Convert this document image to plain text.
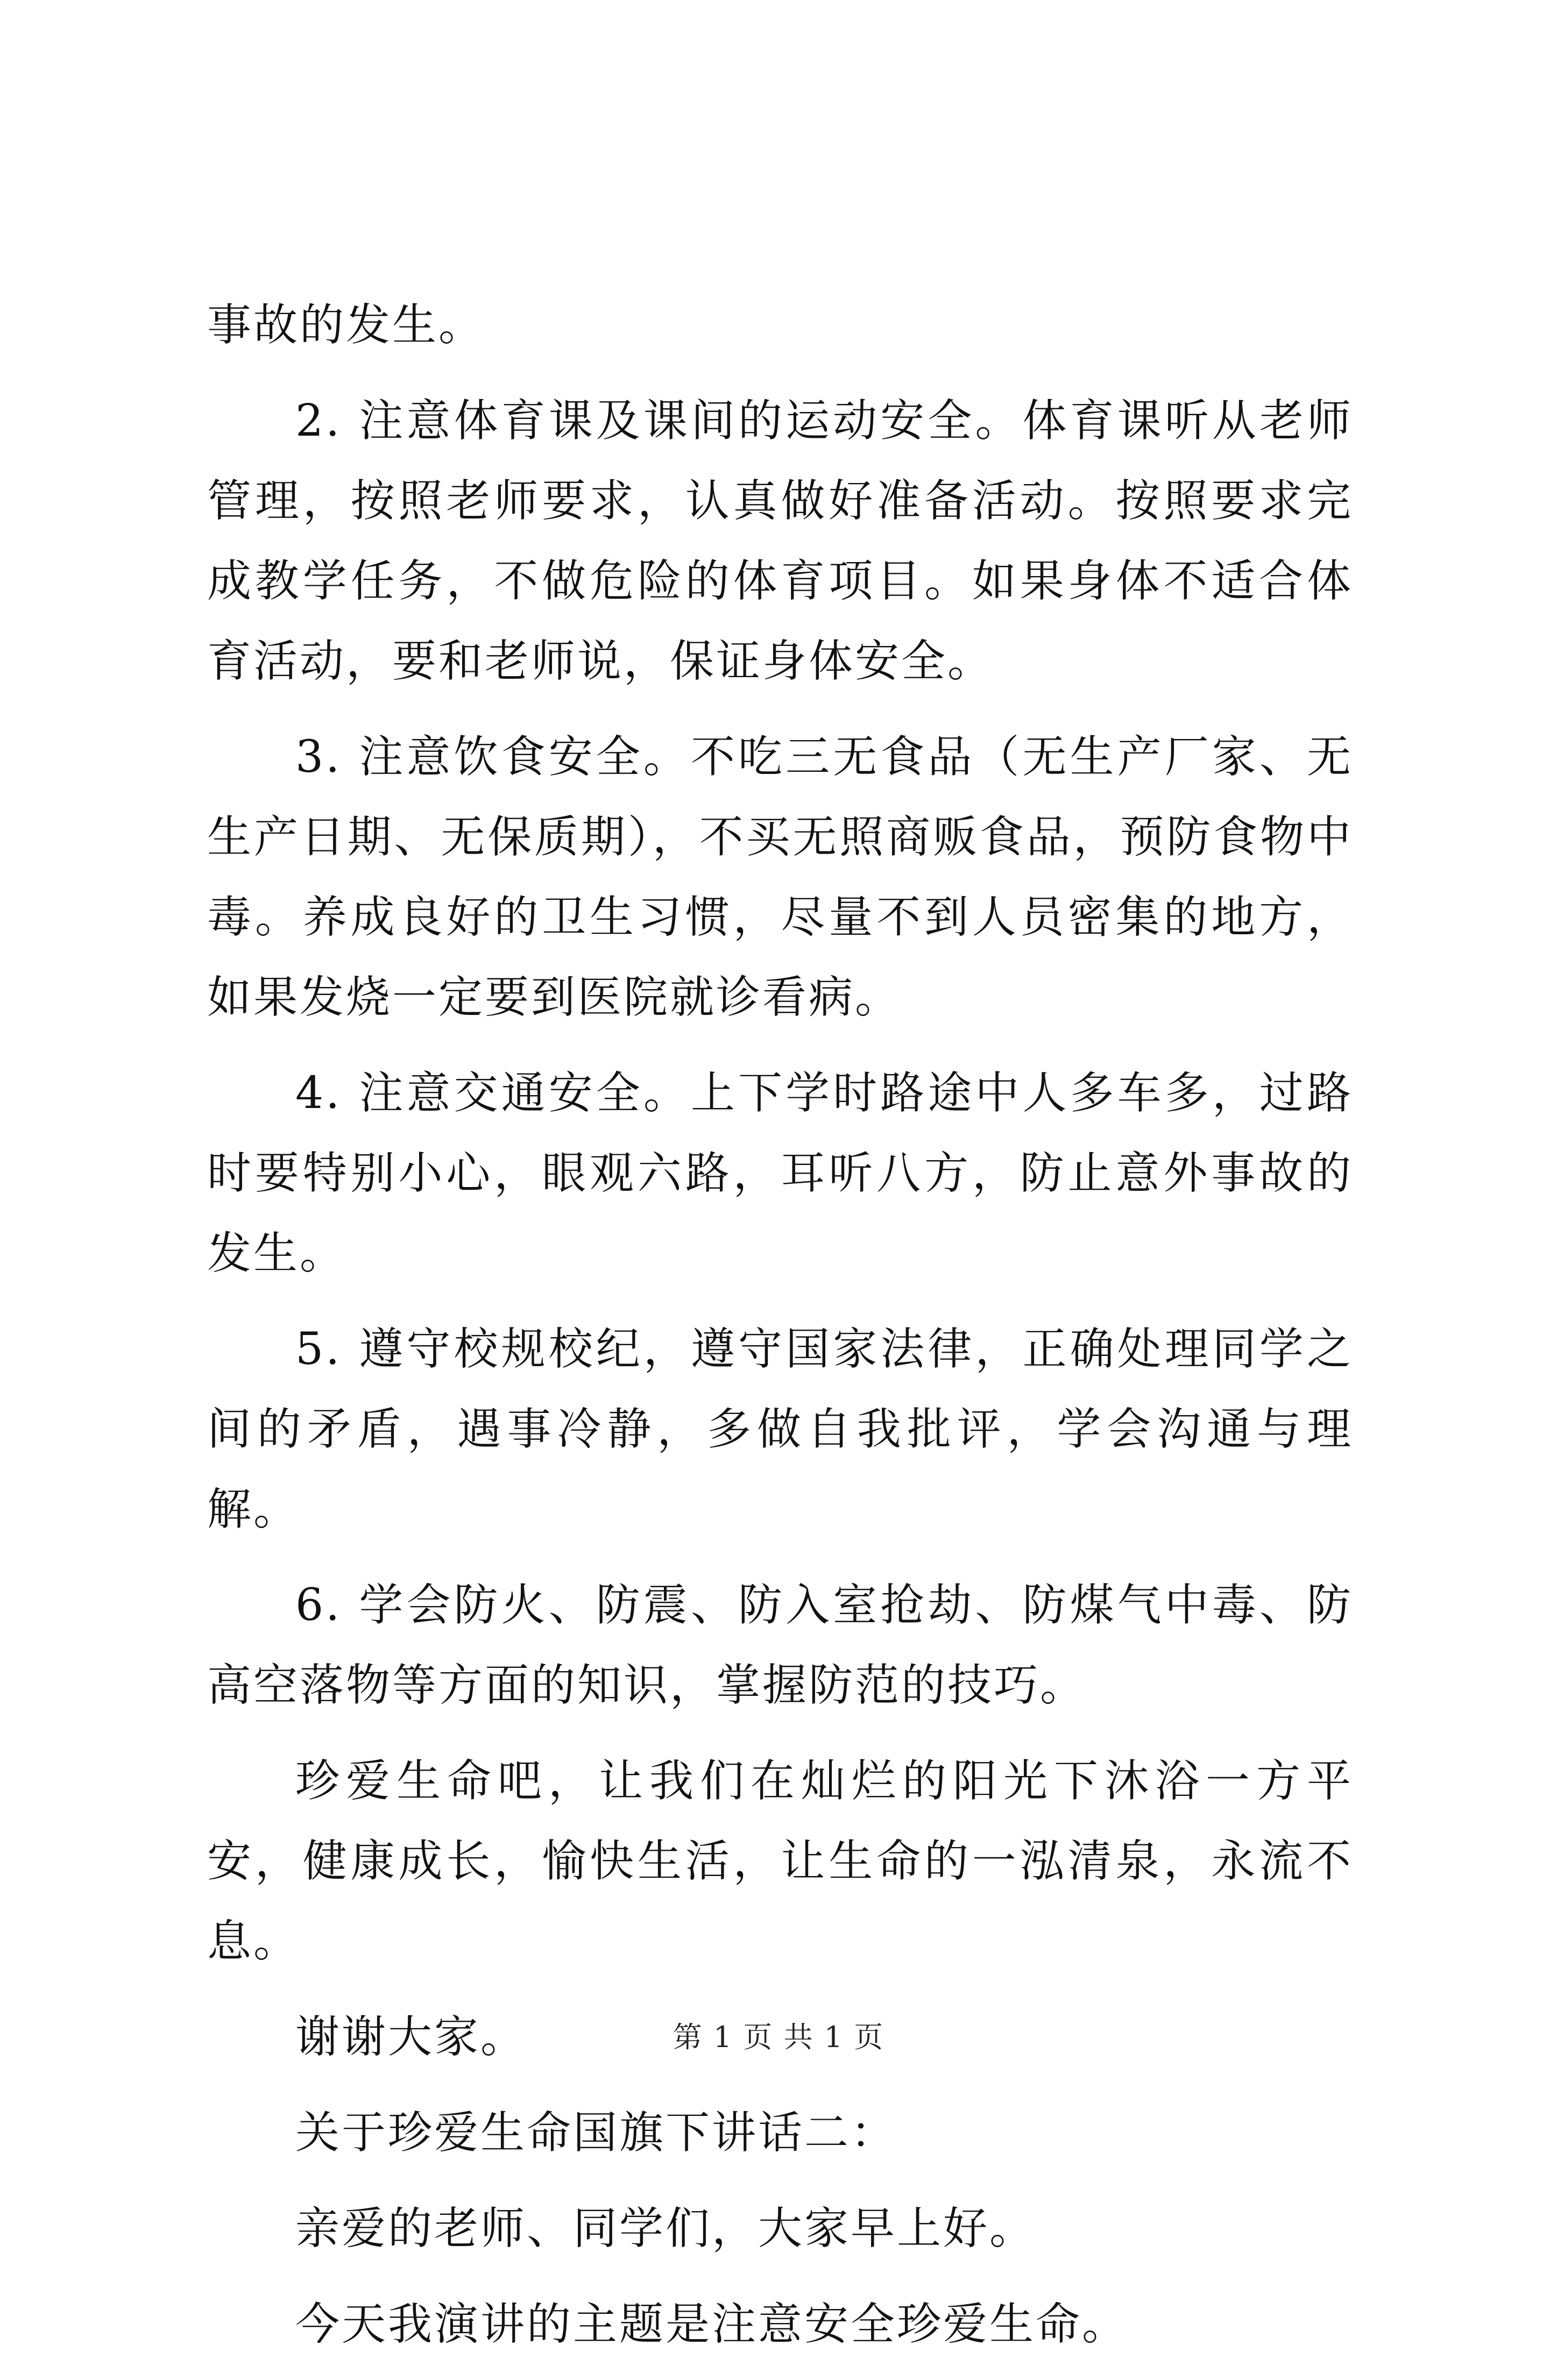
事故的发生。

2. 注意体育课及课间的运动安全。体育课听从老师管理，按照老师要求，认真做好准备活动。按照要求完成教学任务，不做危险的体育项目。如果身体不适合体育活动，要和老师说，保证身体安全。

3. 注意饮食安全。不吃三无食品（无生产厂家、无生产日期、无保质期），不买无照商贩食品，预防食物中毒。养成良好的卫生习惯，尽量不到人员密集的地方，如果发烧一定要到医院就诊看病。

4. 注意交通安全。上下学时路途中人多车多，过路时要特别小心，眼观六路，耳听八方，防止意外事故的发生。

5. 遵守校规校纪，遵守国家法律，正确处理同学之间的矛盾，遇事冷静，多做自我批评，学会沟通与理解。

6. 学会防火、防震、防入室抢劫、防煤气中毒、防高空落物等方面的知识，掌握防范的技巧。

珍爱生命吧，让我们在灿烂的阳光下沐浴一方平安，健康成长，愉快生活，让生命的一泓清泉，永流不息。

谢谢大家。

关于珍爱生命国旗下讲话二：

亲爱的老师、同学们，大家早上好。

今天我演讲的主题是注意安全珍爱生命。

第 1 页 共 1 页
